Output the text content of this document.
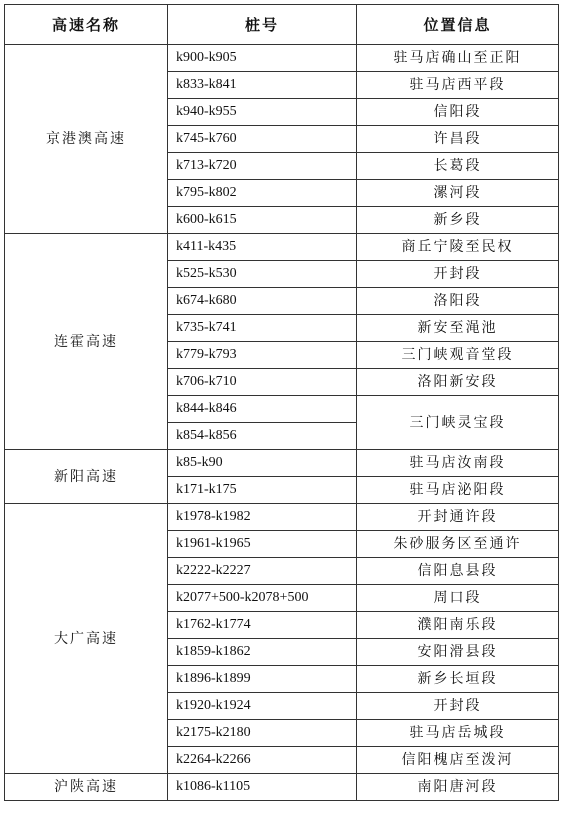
高速名称	桩号	位置信息
京港澳高速	k900-k905	驻马店确山至正阳
	k833-k841	驻马店西平段
	k940-k955	信阳段
	k745-k760	许昌段
	k713-k720	长葛段
	k795-k802	漯河段
	k600-k615	新乡段
连霍高速	k411-k435	商丘宁陵至民权
	k525-k530	开封段
	k674-k680	洛阳段
	k735-k741	新安至渑池
	k779-k793	三门峡观音堂段
	k706-k710	洛阳新安段
	k844-k846	三门峡灵宝段
	k854-k856	
新阳高速	k85-k90	驻马店汝南段
	k171-k175	驻马店泌阳段
大广高速	k1978-k1982	开封通许段
	k1961-k1965	朱砂服务区至通许
	k2222-k2227	信阳息县段
	k2077+500-k2078+500	周口段
	k1762-k1774	濮阳南乐段
	k1859-k1862	安阳滑县段
	k1896-k1899	新乡长垣段
	k1920-k1924	开封段
	k2175-k2180	驻马店岳城段
	k2264-k2266	信阳槐店至泼河
沪陕高速	k1086-k1105	南阳唐河段
